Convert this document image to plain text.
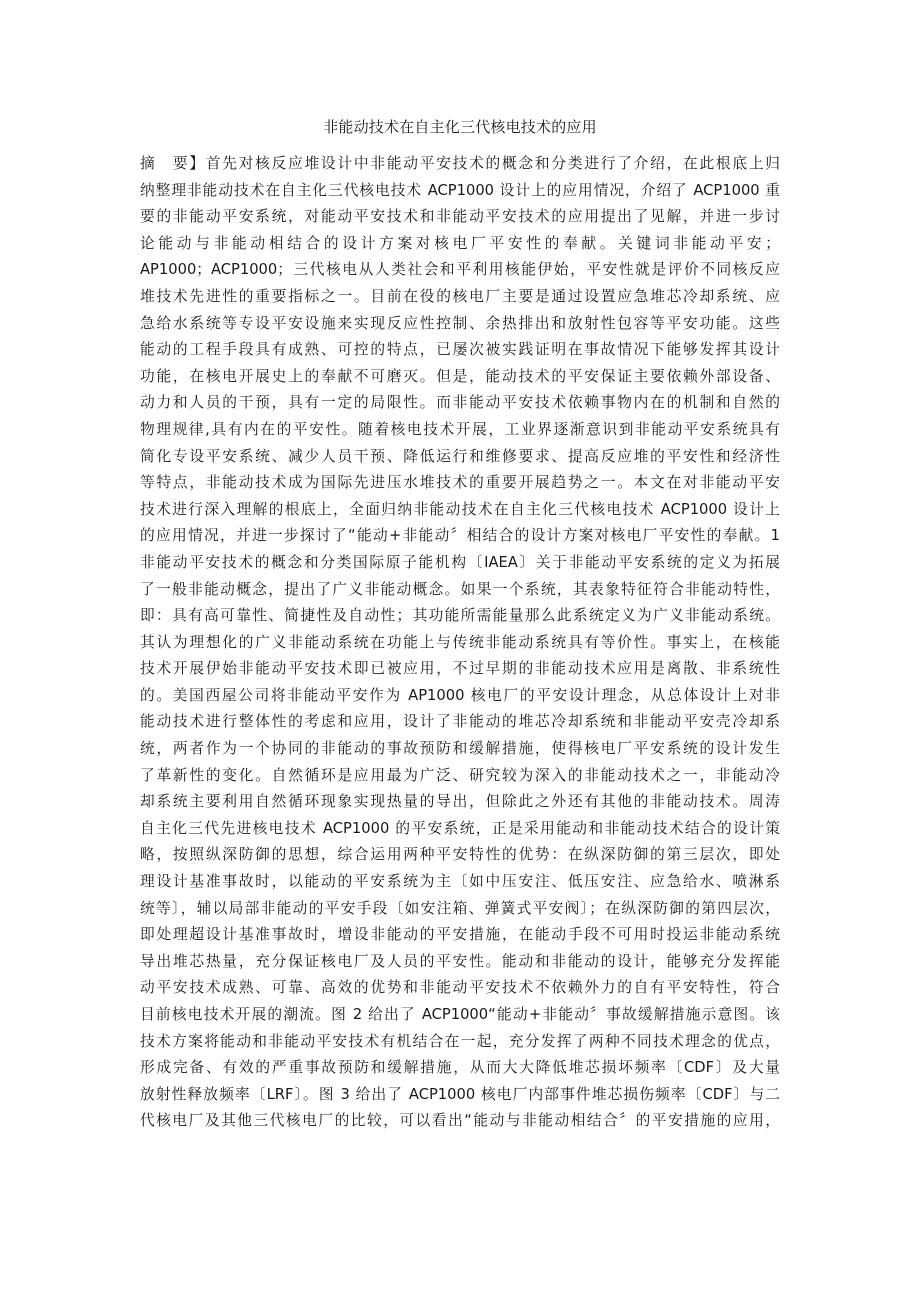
非能动技术在自主化三代核电技术的应用
摘　要】首先对核反应堆设计中非能动平安技术的概念和分类进行了介绍，在此根底上归
纳整理非能动技术在自主化三代核电技术 ACP1000 设计上的应用情况，介绍了 ACP1000 重
要的非能动平安系统，对能动平安技术和非能动平安技术的应用提出了见解，并进一步讨
论能动与非能动相结合的设计方案对核电厂平安性的奉献。关键词非能动平安；
AP1000；ACP1000；三代核电从人类社会和平利用核能伊始，平安性就是评价不同核反应
堆技术先进性的重要指标之一。目前在役的核电厂主要是通过设置应急堆芯冷却系统、应
急给水系统等专设平安设施来实现反应性控制、余热排出和放射性包容等平安功能。这些
能动的工程手段具有成熟、可控的特点，已屡次被实践证明在事故情况下能够发挥其设计
功能，在核电开展史上的奉献不可磨灭。但是，能动技术的平安保证主要依赖外部设备、
动力和人员的干预，具有一定的局限性。而非能动平安技术依赖事物内在的机制和自然的
物理规律,具有内在的平安性。随着核电技术开展，工业界逐渐意识到非能动平安系统具有
简化专设平安系统、减少人员干预、降低运行和维修要求、提高反应堆的平安性和经济性
等特点，非能动技术成为国际先进压水堆技术的重要开展趋势之一。本文在对非能动平安
技术进行深入理解的根底上，全面归纳非能动技术在自主化三代核电技术 ACP1000 设计上
的应用情况，并进一步探讨了“能动+非能动〞相结合的设计方案对核电厂平安性的奉献。1
非能动平安技术的概念和分类国际原子能机构〔IAEA〕关于非能动平安系统的定义为拓展
了一般非能动概念，提出了广义非能动概念。如果一个系统，其表象特征符合非能动特性，
即：具有高可靠性、简捷性及自动性；其功能所需能量那么此系统定义为广义非能动系统。
其认为理想化的广义非能动系统在功能上与传统非能动系统具有等价性。事实上，在核能
技术开展伊始非能动平安技术即已被应用，不过早期的非能动技术应用是离散、非系统性
的。美国西屋公司将非能动平安作为 AP1000 核电厂的平安设计理念，从总体设计上对非
能动技术进行整体性的考虑和应用，设计了非能动的堆芯冷却系统和非能动平安壳冷却系
统，两者作为一个协同的非能动的事故预防和缓解措施，使得核电厂平安系统的设计发生
了革新性的变化。自然循环是应用最为广泛、研究较为深入的非能动技术之一，非能动冷
却系统主要利用自然循环现象实现热量的导出，但除此之外还有其他的非能动技术。周涛
自主化三代先进核电技术 ACP1000 的平安系统，正是采用能动和非能动技术结合的设计策
略，按照纵深防御的思想，综合运用两种平安特性的优势：在纵深防御的第三层次，即处
理设计基准事故时，以能动的平安系统为主〔如中压安注、低压安注、应急给水、喷淋系
统等〕，辅以局部非能动的平安手段〔如安注箱、弹簧式平安阀〕；在纵深防御的第四层次，
即处理超设计基准事故时，增设非能动的平安措施，在能动手段不可用时投运非能动系统
导出堆芯热量，充分保证核电厂及人员的平安性。能动和非能动的设计，能够充分发挥能
动平安技术成熟、可靠、高效的优势和非能动平安技术不依赖外力的自有平安特性，符合
目前核电技术开展的潮流。图 2 给出了 ACP1000“能动+非能动〞事故缓解措施示意图。该
技术方案将能动和非能动平安技术有机结合在一起，充分发挥了两种不同技术理念的优点，
形成完备、有效的严重事故预防和缓解措施，从而大大降低堆芯损坏频率〔CDF〕及大量
放射性释放频率〔LRF〕。图 3 给出了 ACP1000 核电厂内部事件堆芯损伤频率〔CDF〕与二
代核电厂及其他三代核电厂的比较，可以看出“能动与非能动相结合〞的平安措施的应用，
